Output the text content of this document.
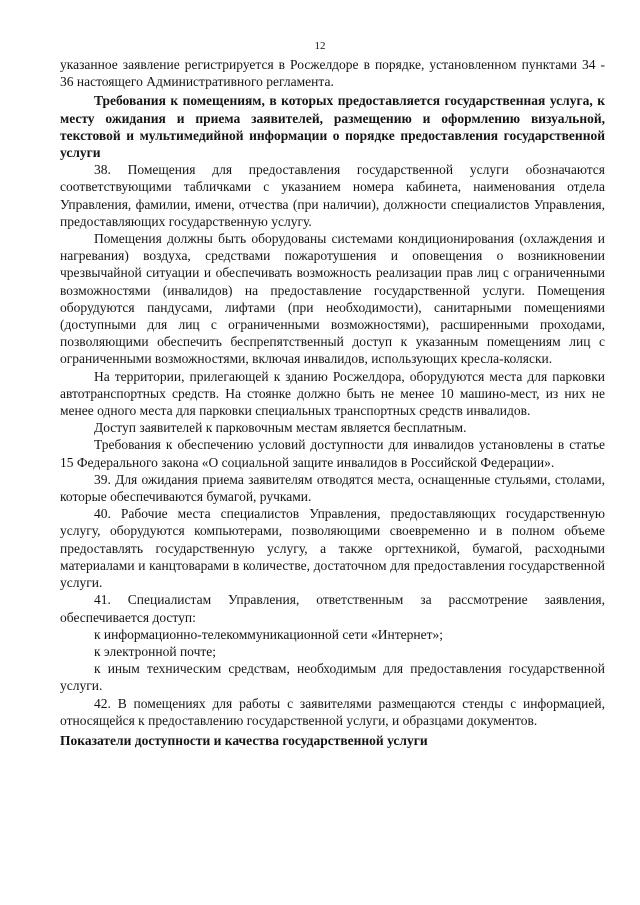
12

указанное заявление регистрируется в Росжелдоре в порядке, установленном пунктами 34 - 36 настоящего Административного регламента.

Требования к помещениям, в которых предоставляется государственная услуга, к месту ожидания и приема заявителей, размещению и оформлению визуальной, текстовой и мультимедийной информации о порядке предоставления государственной услуги

38. Помещения для предоставления государственной услуги обозначаются соответствующими табличками с указанием номера кабинета, наименования отдела Управления, фамилии, имени, отчества (при наличии), должности специалистов Управления, предоставляющих государственную услугу.

Помещения должны быть оборудованы системами кондиционирования (охлаждения и нагревания) воздуха, средствами пожаротушения и оповещения о возникновении чрезвычайной ситуации и обеспечивать возможность реализации прав лиц с ограниченными возможностями (инвалидов) на предоставление государственной услуги. Помещения оборудуются пандусами, лифтами (при необходимости), санитарными помещениями (доступными для лиц с ограниченными возможностями), расширенными проходами, позволяющими обеспечить беспрепятственный доступ к указанным помещениям лиц с ограниченными возможностями, включая инвалидов, использующих кресла-коляски.

На территории, прилегающей к зданию Росжелдора, оборудуются места для парковки автотранспортных средств. На стоянке должно быть не менее 10 машино-мест, из них не менее одного места для парковки специальных транспортных средств инвалидов.

Доступ заявителей к парковочным местам является бесплатным.

Требования к обеспечению условий доступности для инвалидов установлены в статье 15 Федерального закона «О социальной защите инвалидов в Российской Федерации».

39. Для ожидания приема заявителям отводятся места, оснащенные стульями, столами, которые обеспечиваются бумагой, ручками.

40. Рабочие места специалистов Управления, предоставляющих государственную услугу, оборудуются компьютерами, позволяющими своевременно и в полном объеме предоставлять государственную услугу, а также оргтехникой, бумагой, расходными материалами и канцтоварами в количестве, достаточном для предоставления государственной услуги.

41. Специалистам Управления, ответственным за рассмотрение заявления, обеспечивается доступ:

к информационно-телекоммуникационной сети «Интернет»;

к электронной почте;

к иным техническим средствам, необходимым для предоставления государственной услуги.

42. В помещениях для работы с заявителями размещаются стенды с информацией, относящейся к предоставлению государственной услуги, и образцами документов.

Показатели доступности и качества государственной услуги
